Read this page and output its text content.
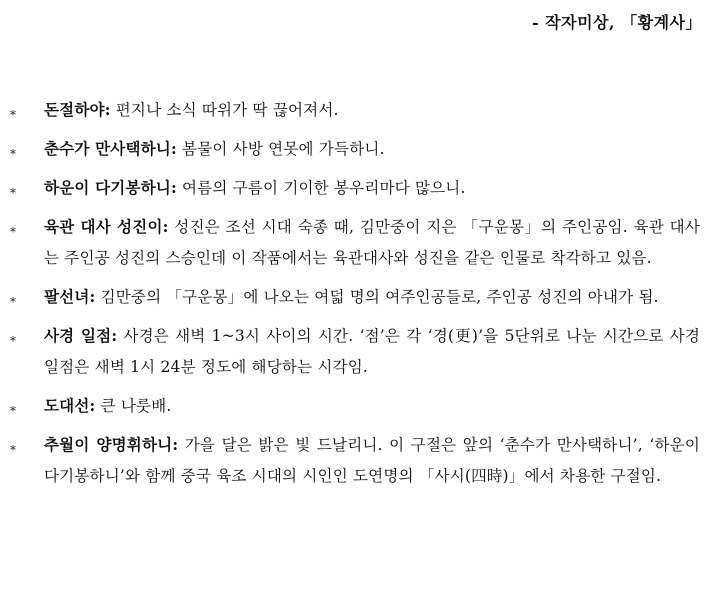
- 작자미상, 「황계사」
⁎ 돈절하야: 편지나 소식 따위가 딱 끊어져서.
⁎ 춘수가 만사택하니: 봄물이 사방 연못에 가득하니.
⁎ 하운이 다기봉하니: 여름의 구름이 기이한 봉우리마다 많으니.
⁎ 육관 대사 성진이: 성진은 조선 시대 숙종 때, 김만중이 지은 「구운몽」의 주인공임. 육관 대사는 주인공 성진의 스승인데 이 작품에서는 육관대사와 성진을 같은 인물로 착각하고 있음.
⁎ 팔선녀: 김만중의 「구운몽」에 나오는 여덟 명의 여주인공들로, 주인공 성진의 아내가 됨.
⁎ 사경 일점: 사경은 새벽 1~3시 사이의 시간. ‘점’은 각 ‘경(更)’을 5단위로 나눈 시간으로 사경 일점은 새벽 1시 24분 정도에 해당하는 시각임.
⁎ 도대선: 큰 나룻배.
⁎ 추월이 양명휘하니: 가을 달은 밝은 빛 드날리니. 이 구절은 앞의 ‘춘수가 만사택하니’, ‘하운이 다기봉하니’와 함께 중국 육조 시대의 시인인 도연명의 「사시(四時)」에서 차용한 구절임.
